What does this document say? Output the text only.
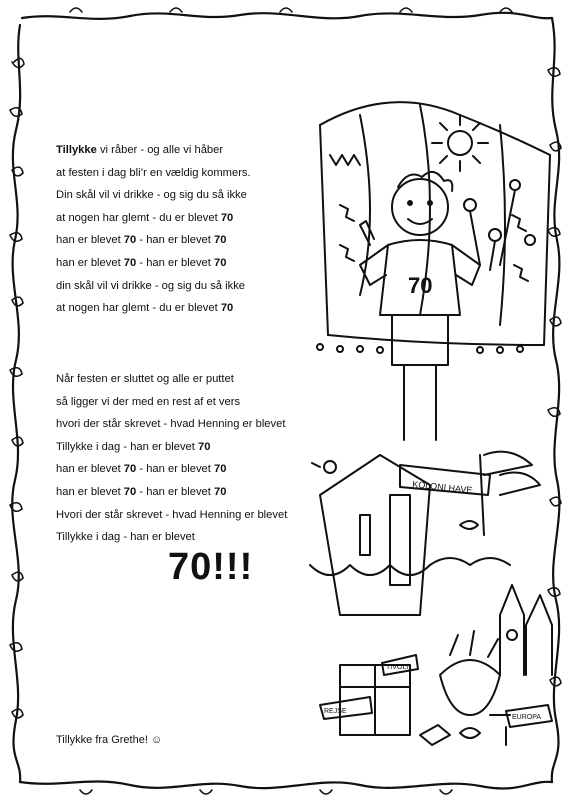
Tillykke vi råber - og alle vi håber
at festen i dag bli’r en vældig kommers.
Din skål vil vi drikke - og sig du så ikke
at nogen har glemt - du er blevet 70
han er blevet 70 - han er blevet 70
han er blevet 70 - han er blevet 70
din skål vil vi drikke - og sig du så ikke
at nogen har glemt - du er blevet 70
Når festen er sluttet og alle er puttet
så ligger vi der med en rest af et vers
hvori der står skrevet - hvad Henning er blevet
Tillykke i dag - han er blevet 70
han er blevet 70 - han er blevet 70
han er blevet 70 - han er blevet 70
Hvori der står skrevet - hvad Henning er blevet
Tillykke i dag - han er blevet
70!!!
Tillykke fra Grethe! ☺
70
KOLONI HAVE
EUROPA
TIVOLI
REJSE
